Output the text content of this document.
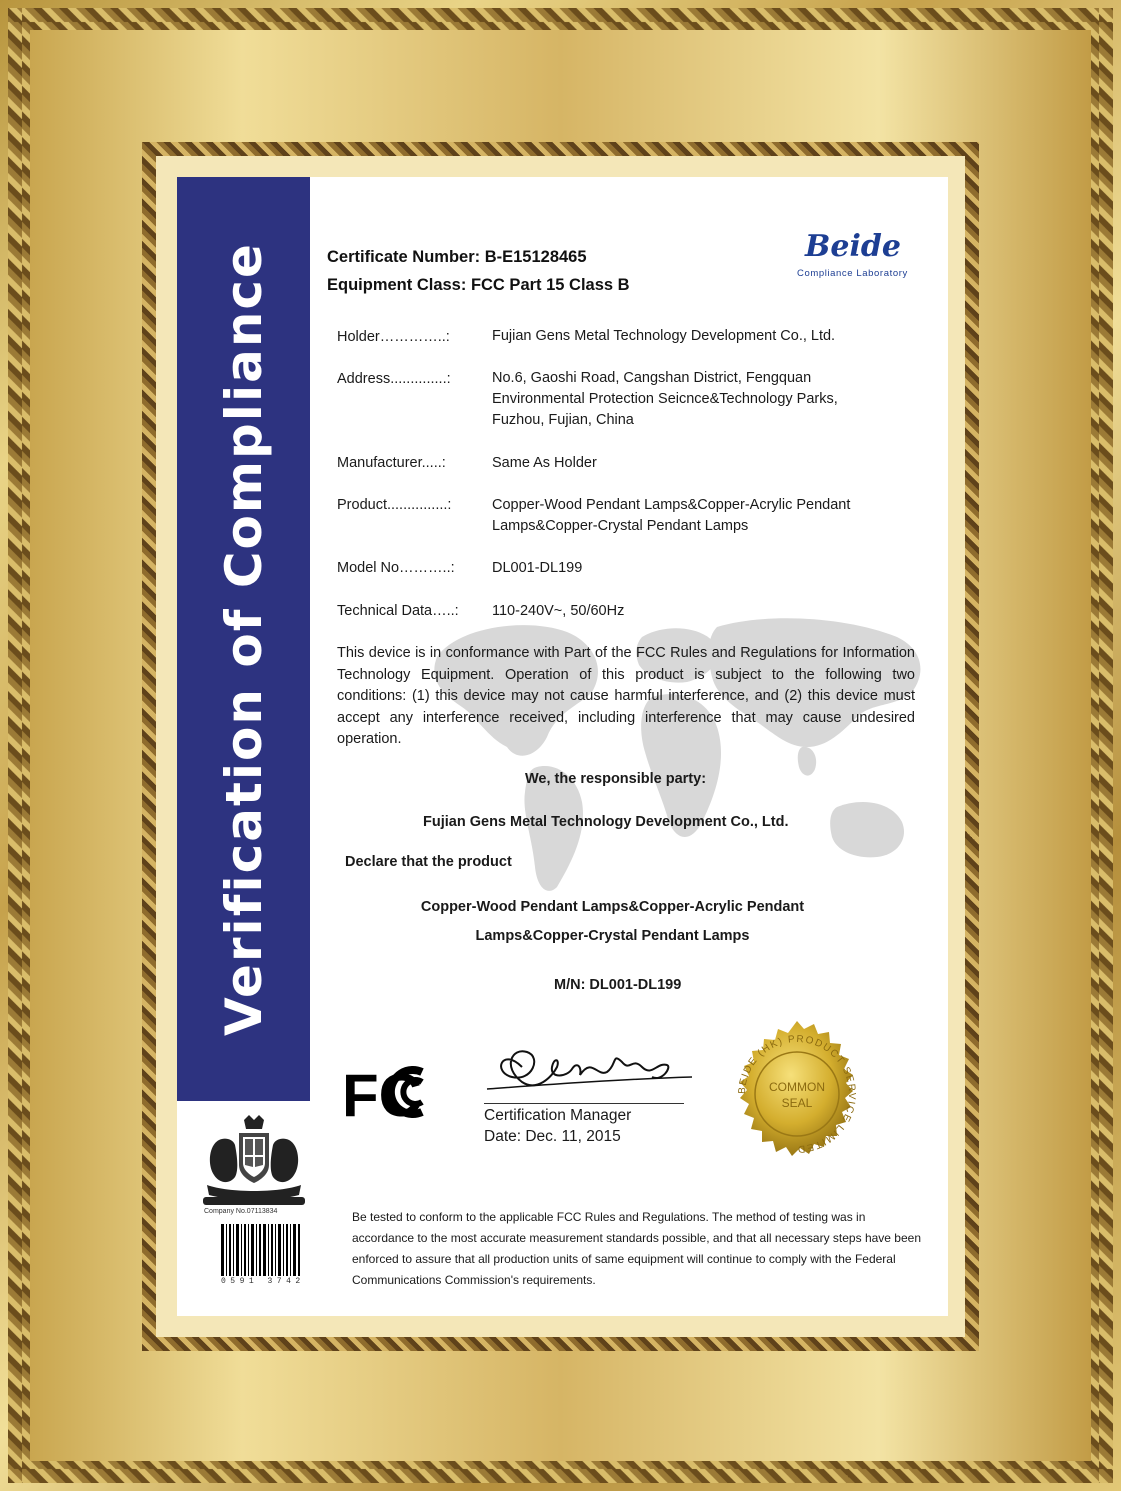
Verification of Compliance	Certificate Number: B-E15128465
Equipment Class: FCC Part 15 Class B
Beide
Compliance Laboratory
Holder…………..:	Fujian Gens Metal Technology Development Co., Ltd.
Address..............:	No.6, Gaoshi Road, Cangshan District, Fengquan
Environmental Protection Seicnce&Technology Parks,
Fuzhou, Fujian, China
Manufacturer.....:	Same As Holder
Product...............:	Copper-Wood Pendant Lamps&Copper-Acrylic Pendant
Lamps&Copper-Crystal Pendant Lamps
Model No………..:	DL001-DL199
Technical Data…..: 110-240V~, 50/60Hz
This device is in conformance with Part of the FCC Rules and Regulations for Information Technology Equipment. Operation of this product is subject to the following two conditions: (1) this device may not cause harmful interference, and (2) this device must accept any interference received, including interference that may cause undesired operation.
We, the responsible party:
Fujian Gens Metal Technology Development Co., Ltd.
Declare that the product
Copper-Wood Pendant Lamps&Copper-Acrylic Pendant
Lamps&Copper-Crystal Pendant Lamps
M/N: DL001-DL199
FC	Certification Manager
Date: Dec. 11, 2015
BEIDE (HK) PRODUCT SERVICE LIMITED
COMMON
SEAL
Company No.07113834
0591 3742
Be tested to conform to the applicable FCC Rules and Regulations. The method of testing was in accordance to the most accurate measurement standards possible, and that all necessary steps have been enforced to assure that all production units of same equipment will continue to comply with the Federal Communications Commission's requirements.
